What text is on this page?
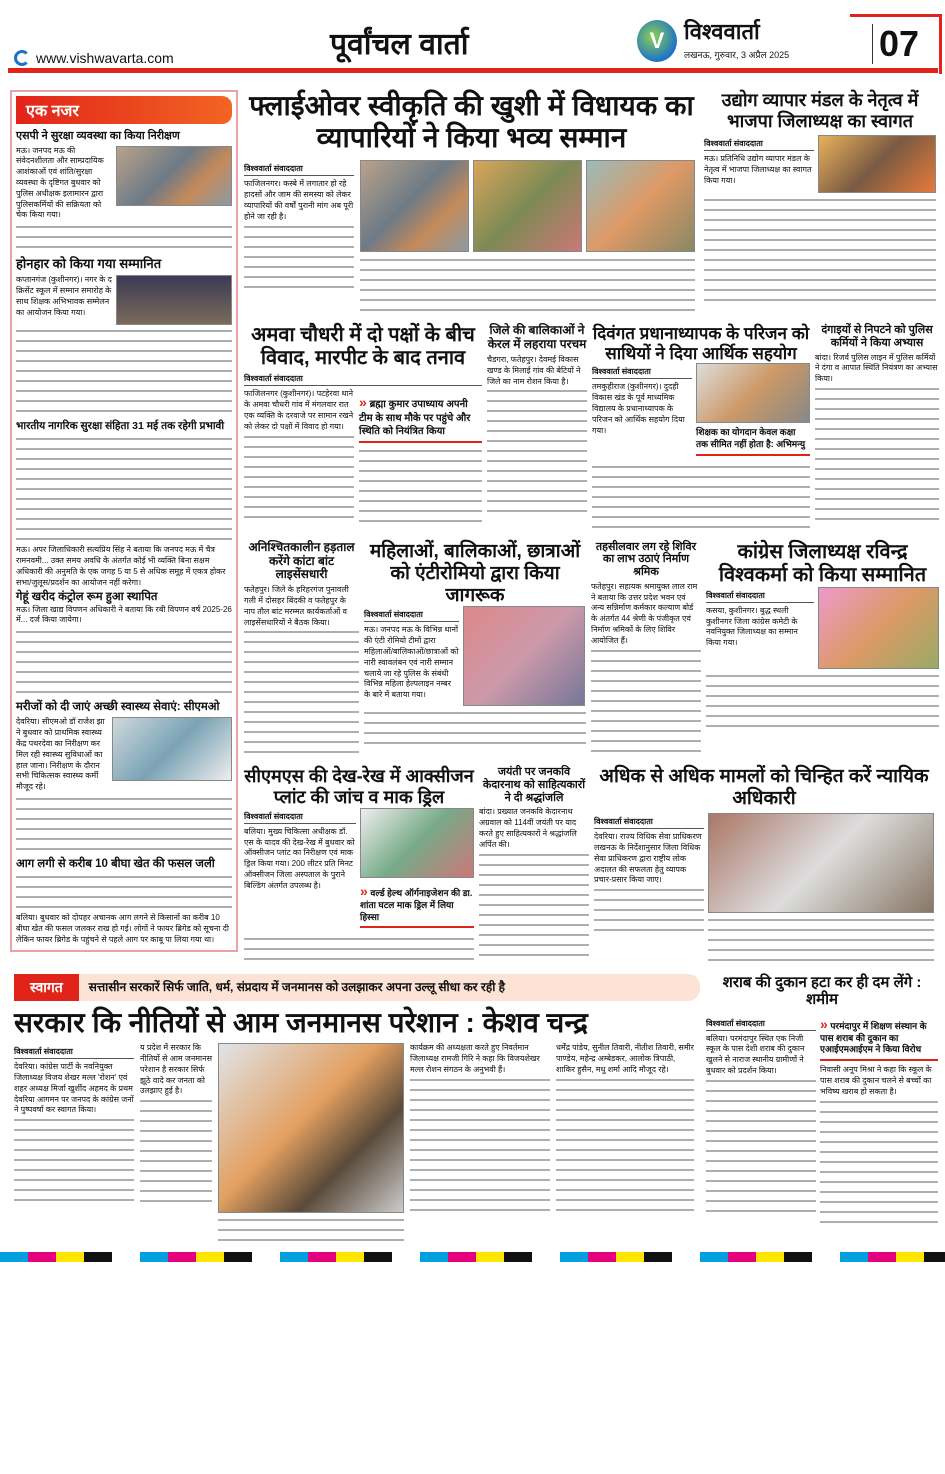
www.vishwavarta.com	पूर्वांचल वार्ता	V विश्ववार्ता
लखनऊ, गुरुवार, 3 अप्रैल 2025 07
एक नजर
एसपी ने सुरक्षा व्यवस्था का किया निरीक्षण
मऊ। जनपद मऊ की संवेदनशीलता और साम्प्रदायिक आशंकाओं एवं शांति/सुरक्षा व्यवस्था के दृष्टिगत बुधवार को पुलिस अधीक्षक इलामारन द्वारा पुलिसकर्मियों की सक्रियता को चेक किया गया।
होनहार को किया गया सम्मानित
कप्तानगंज (कुशीनगर)। नगर के द क्रिसेंट स्कूल में सम्मान समारोह के साथ शिक्षक अभिभावक सम्मेलन का आयोजन किया गया।
भारतीय नागरिक सुरक्षा संहिता 31 मई तक रहेगी प्रभावी
मऊ। अपर जिलाधिकारी सत्यप्रिय सिंह ने बताया कि जनपद मऊ में चैत्र रामनवमी... उक्त समय अवधि के अंतर्गत कोई भी व्यक्ति बिना सक्षम अधिकारी की अनुमति के एक जगह 5 या 5 से अधिक समूह में एकत्र होकर सभा/जुलूस/प्रदर्शन का आयोजन नहीं करेगा।
गेहूं खरीद कंट्रोल रूम हुआ स्थापित
मऊ। जिला खाद्य विपणन अधिकारी ने बताया कि रबी विपणन वर्ष 2025-26 में... दर्ज किया जायेगा।
मरीजों को दी जाएं अच्छी स्वास्थ्य सेवाएं: सीएमओ
देवरिया। सीएमओ डॉ राजेश झा ने बुधवार को प्राथमिक स्वास्थ्य केंद्र पथरदेवा का निरीक्षण कर मिल रही स्वास्थ्य सुविधाओं का हाल जाना। निरीक्षण के दौरान सभी चिकित्सक स्वास्थ्य कर्मी मौजूद रहे।
आग लगी से करीब 10 बीघा खेत की फसल जली
बलिया। बुधवार को दोपहर अचानक आग लगने से किसानों का करीब 10 बीघा खेत की फसल जलकर राख हो गई। लोगों ने फायर ब्रिगेड को सूचना दी लेकिन फायर ब्रिगेड के पहुंचने से पहले आग पर काबू पा लिया गया था।
फ्लाईओवर स्वीकृति की खुशी में विधायक का व्यापारियों ने किया भव्य सम्मान
विश्ववार्ता संवाददाता
फाजिलनगर। कस्बे में लगातार हो रहे हादसों और जाम की समस्या को लेकर व्यापारियों की वर्षों पुरानी मांग अब पूरी होने जा रही है।
उद्योग व्यापार मंडल के नेतृत्व में भाजपा जिलाध्यक्ष का स्वागत
विश्ववार्ता संवाददाता
मऊ। प्रतिनिधि उद्योग व्यापार मंडल के नेतृत्व में भाजपा जिलाध्यक्ष का स्वागत किया गया।
अमवा चौधरी में दो पक्षों के बीच विवाद, मारपीट के बाद तनाव
विश्ववार्ता संवाददाता
फाजिलनगर (कुशीनगर)। पटहेरवा थाने के अमवा चौधरी गांव में मंगलवार रात एक व्यक्ति के दरवाजे पर सामान रखने को लेकर दो पक्षों में विवाद हो गया।
» ब्रह्मा कुमार उपाध्याय अपनी टीम के साथ मौके पर पहुंचे और स्थिति को नियंत्रित किया
जिले की बालिकाओं ने केरल में लहराया परचम
चैडगरा, फतेहपुर। देवमई विकास खण्ड के मिलाई गांव की बेटियों ने जिले का नाम रोशन किया है।
दिवंगत प्रधानाध्यापक के परिजन को साथियों ने दिया आर्थिक सहयोग
विश्ववार्ता संवाददाता
तमकुहीराज (कुशीनगर)। दुदही विकास खंड के पूर्व माध्यमिक विद्यालय के प्रधानाध्यापक के परिजन को आर्थिक सहयोग दिया गया।	शिक्षक का योगदान केवल कक्षा तक सीमित नहीं होता है: अभिमन्यु
दंगाइयों से निपटने को पुलिस कर्मियों ने किया अभ्यास
बांदा। रिजर्व पुलिस लाइन में पुलिस कर्मियों ने दंगा व आपात स्थिति नियंत्रण का अभ्यास किया।
अनिश्चितकालीन हड़ताल करेंगे कांटा बांट लाइसेंसधारी
फतेहपुर। जिले के हरिहरगंज पुनावली गली में दोसहर बिंदकी व फतेहपुर के नाप तौल बांट मरम्मत कार्यकर्ताओं व लाइसेंसधारियों ने बैठक किया।
महिलाओं, बालिकाओं, छात्राओं को एंटीरोमियो द्वारा किया जागरूक
विश्ववार्ता संवाददाता
मऊ। जनपद मऊ के विभिन्न थानों की एंटी रोमियो टीमों द्वारा महिलाओं/बालिकाओं/छात्राओं को नारी स्वावलंबन एवं नारी सम्मान चलाये जा रहे पुलिस के संबंधी विभिन्न महिला हेल्पलाइन नम्बर के बारे में बताया गया।
तहसीलवार लग रहे शिविर का लाभ उठाएं निर्माण श्रमिक
फतेहपुर। सहायक श्रमायुक्त लाल राम ने बताया कि उत्तर प्रदेश भवन एवं अन्य सन्निर्माण कर्मकार कल्याण बोर्ड के अंतर्गत 44 श्रेणी के पंजीकृत एवं निर्माण श्रमिकों के लिए शिविर आयोजित हैं।
कांग्रेस जिलाध्यक्ष रविन्द्र विश्वकर्मा को किया सम्मानित
विश्ववार्ता संवाददाता
कसया, कुशीनगर। बुद्ध स्थली कुशीनगर जिला कांग्रेस कमेटी के नवनियुक्त जिलाध्यक्ष का सम्मान किया गया।
सीएमएस की देख-रेख में आक्सीजन प्लांट की जांच व माक ड्रिल
विश्ववार्ता संवाददाता
बलिया। मुख्य चिकित्सा अधीक्षक डॉ. एस के यादव की देख-रेख में बुधवार को ऑक्सीजन प्लांट का निरीक्षण एवं माक ड्रिल किया गया। 200 लीटर प्रति मिनट ऑक्सीजन जिला अस्पताल के पुराने बिल्डिंग अंतर्गत उपलब्ध है।	» वर्ल्ड हेल्थ ऑर्गनाइजेशन की डा. शांता घटल माक ड्रिल में लिया हिस्सा
जयंती पर जनकवि केदारनाथ को साहित्यकारों ने दी श्रद्धांजलि
बांदा। प्रख्यात जनकवि केदारनाथ अग्रवाल को 114वीं जयंती पर याद करते हुए साहित्यकारों ने श्रद्धांजलि अर्पित की।
अधिक से अधिक मामलों को चिन्हित करें न्यायिक अधिकारी
विश्ववार्ता संवाददाता
देवरिया। राज्य विधिक सेवा प्राधिकरण लखनऊ के निर्देशानुसार जिला विधिक सेवा प्राधिकरण द्वारा राष्ट्रीय लोक अदालत की सफलता हेतु व्यापक प्रचार-प्रसार किया जाए।
स्वागत	सत्तासीन सरकारें सिर्फ जाति, धर्म, संप्रदाय में जनमानस को उलझाकर अपना उल्लू सीधा कर रही है
सरकार कि नीतियों से आम जनमानस परेशान : केशव चन्द्र
विश्ववार्ता संवाददाता
देवरिया। कांग्रेस पार्टी के नवनियुक्त जिलाध्यक्ष विजय शेखर मल्ल 'रोशन' एवं शहर अध्यक्ष मिर्जा खुर्शीद अहमद के प्रथम देवरिया आगमन पर जनपद के कांग्रेस जनों ने पुष्पवर्षा कर स्वागत किया।
य प्रदेश में सरकार कि नीतियों से आम जनमानस परेशान है सरकार सिर्फ झूठे वादे कर जनता को उलझाए हुई है।
कार्यक्रम की अध्यक्षता करते हुए निवर्तमान जिलाध्यक्ष रामजी गिरि ने कहा कि विजयशेखर मल्ल रोशन संगठन के अनुभवी हैं।
धर्मेंद्र पांडेय, सुनील तिवारी, नीतीश तिवारी, समीर पाण्डेय, महेन्द्र अम्बेडकर, आलोक त्रिपाठी, शाकिर हुसैन, मधु शर्मा आदि मौजूद रहे।
शराब की दुकान हटा कर ही दम लेंगे : शमीम
विश्ववार्ता संवाददाता
बलिया। परमंदापुर स्थित एक निजी स्कूल के पास देशी शराब की दुकान खुलने से नाराज स्थानीय ग्रामीणों ने बुधवार को प्रदर्शन किया।
» परमंदापुर में शिक्षण संस्थान के पास शराब की दुकान का एआईएमआईएम ने किया विरोध
निवासी अनूप मिश्रा ने कहा कि स्कूल के पास शराब की दुकान चलने से बच्चों का भविष्य खराब हो सकता है।
